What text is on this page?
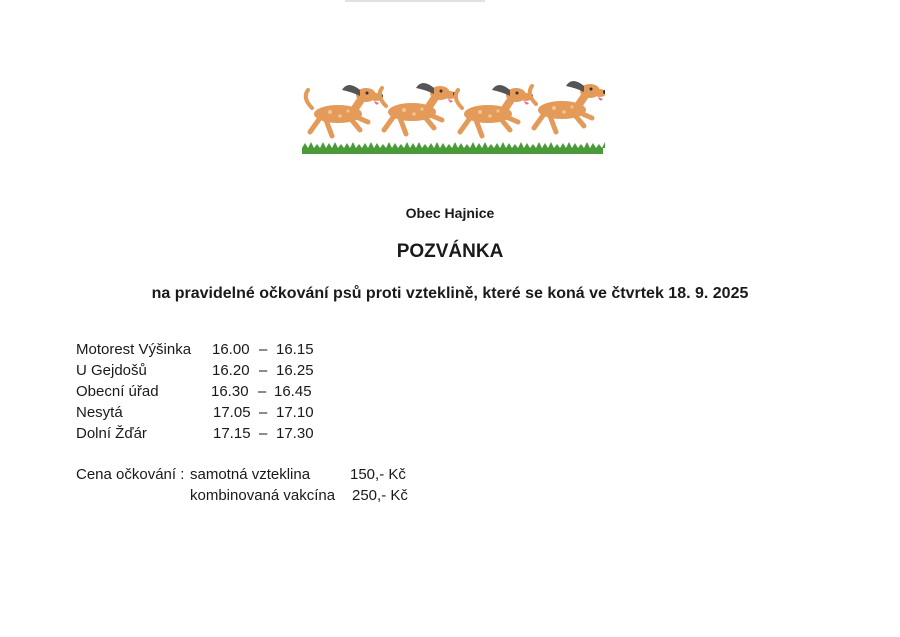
Obec Hajnice
POZVÁNKA
na pravidelné očkování psů proti vzteklině, které se koná ve čtvrtek 18. 9. 2025
Motorest Výšinka 16.00 – 16.15
U Gejdošů	16.20 – 16.25
Obecní úřad	16.30 – 16.45
Nesytá	17.05 – 17.10
Dolní Žďár	17.15 – 17.30
Cena očkování : samotná vzteklina	150,- Kč
kombinovaná vakcína 250,- Kč
